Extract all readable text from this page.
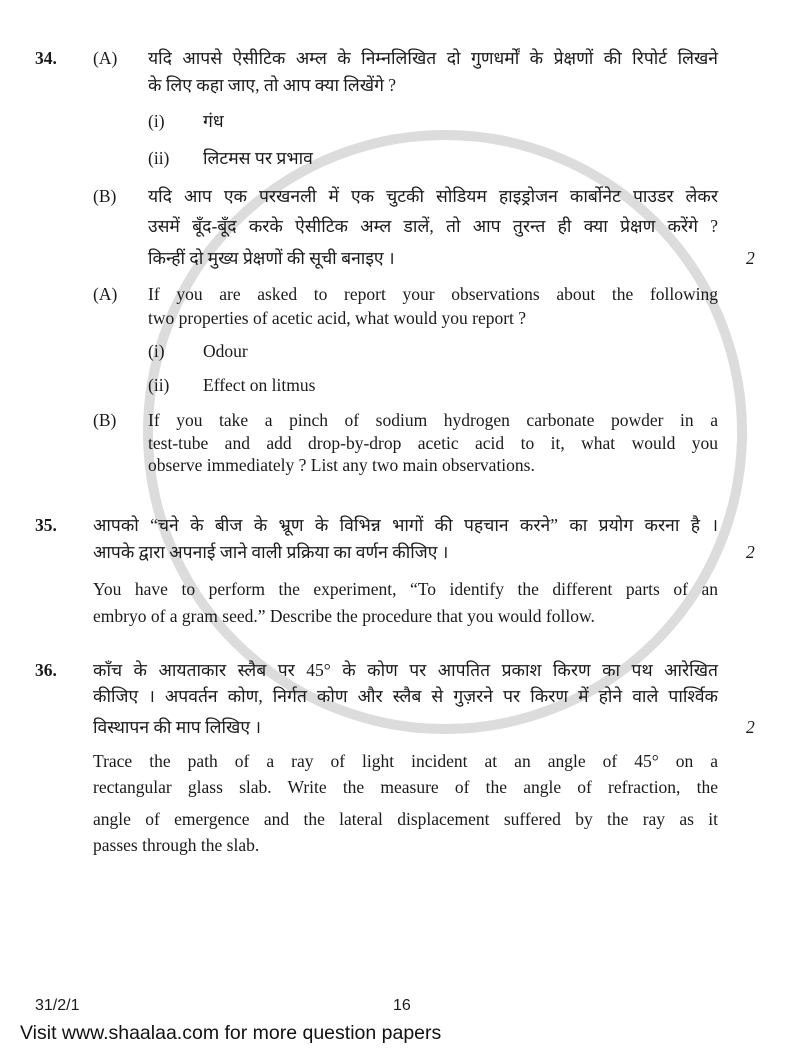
34. (A) यदि आपसे ऐसीटिक अम्ल के निम्नलिखित दो गुणधर्मों के प्रेक्षणों की रिपोर्ट लिखने
के लिए कहा जाए, तो आप क्या लिखेंगे ?
(i) गंध
(ii) लिटमस पर प्रभाव
(B) यदि आप एक परखनली में एक चुटकी सोडियम हाइड्रोजन कार्बोनेट पाउडर लेकर
उसमें बूँद-बूँद करके ऐसीटिक अम्ल डालें, तो आप तुरन्त ही क्या प्रेक्षण करेंगे ?
किन्हीं दो मुख्य प्रेक्षणों की सूची बनाइए ।	2
(A) If you are asked to report your observations about the following
two properties of acetic acid, what would you report ?
(i) Odour
(ii) Effect on litmus
(B) If you take a pinch of sodium hydrogen carbonate powder in a
test-tube and add drop-by-drop acetic acid to it, what would you
observe immediately ? List any two main observations.
35. आपको “चने के बीज के भ्रूण के विभिन्न भागों की पहचान करने” का प्रयोग करना है ।
आपके द्वारा अपनाई जाने वाली प्रक्रिया का वर्णन कीजिए ।	2
You have to perform the experiment, “To identify the different parts of an
embryo of a gram seed.” Describe the procedure that you would follow.
36. काँच के आयताकार स्लैब पर 45° के कोण पर आपतित प्रकाश किरण का पथ आरेखित
कीजिए । अपवर्तन कोण, निर्गत कोण और स्लैब से गुज़रने पर किरण में होने वाले पार्श्विक
विस्थापन की माप लिखिए ।	2
Trace the path of a ray of light incident at an angle of 45° on a
rectangular glass slab. Write the measure of the angle of refraction, the
angle of emergence and the lateral displacement suffered by the ray as it
passes through the slab.
31/2/1	16
Visit www.shaalaa.com for more question papers
